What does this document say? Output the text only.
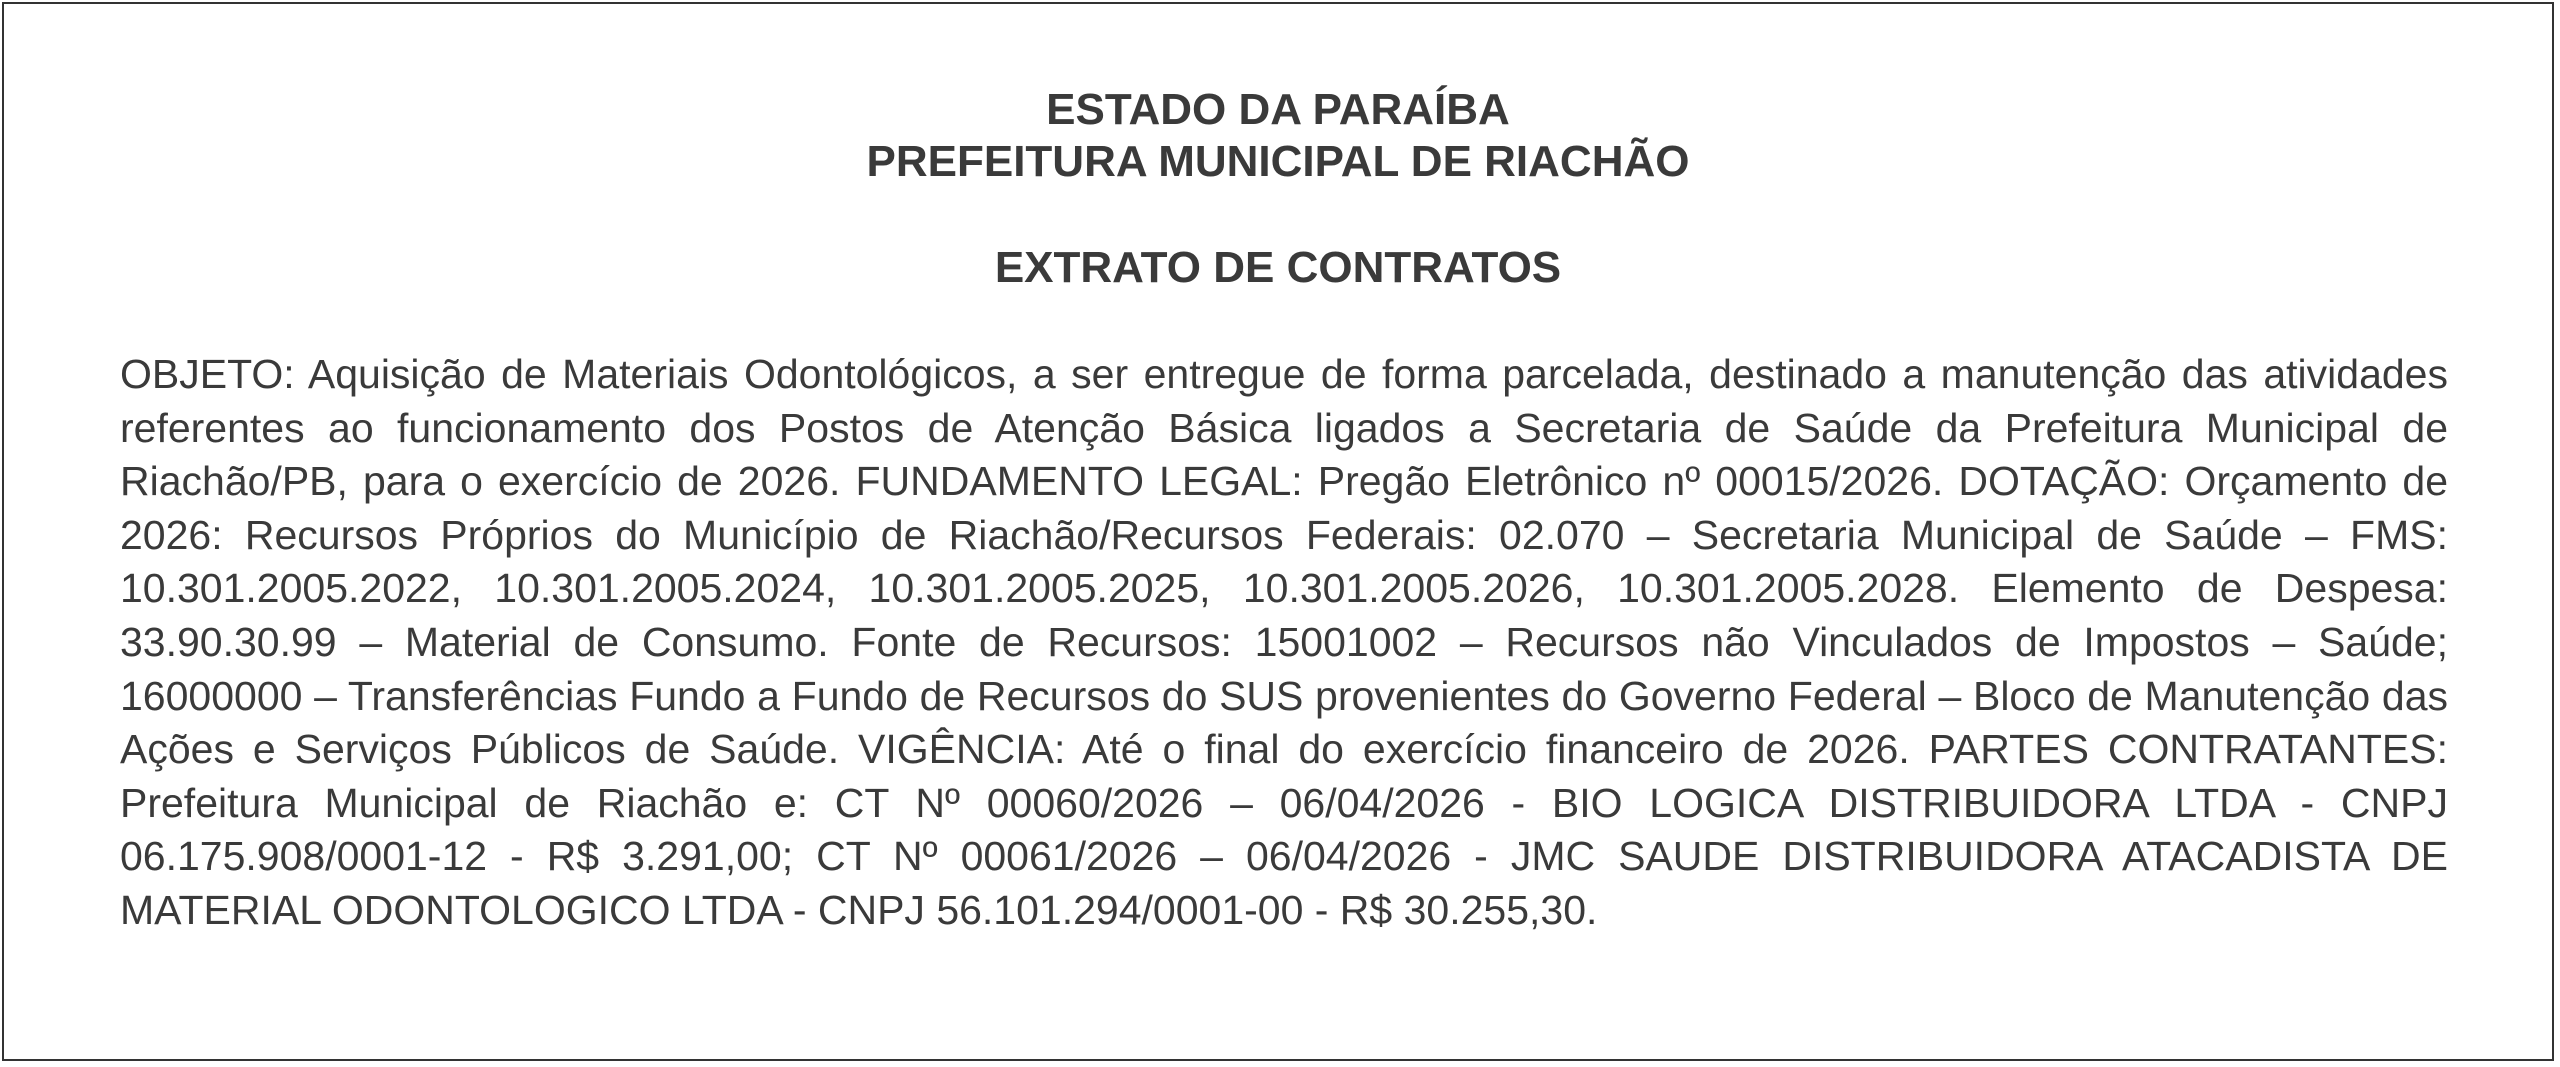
ESTADO DA PARAÍBA
PREFEITURA MUNICIPAL DE RIACHÃO
EXTRATO DE CONTRATOS

OBJETO: Aquisição de Materiais Odontológicos, a ser entregue de forma parcelada, destinado a manutenção das atividades referentes ao funcionamento dos Postos de Atenção Básica ligados a Secretaria de Saúde da Prefeitura Municipal de Riachão/PB, para o exercício de 2026. FUNDAMENTO LEGAL: Pregão Eletrônico nº 00015/2026. DOTAÇÃO: Orçamento de 2026: Recursos Próprios do Município de Riachão/Recursos Federais: 02.070 – Secretaria Municipal de Saúde – FMS: 10.301.2005.2022, 10.301.2005.2024, 10.301.2005.2025, 10.301.2005.2026, 10.301.2005.2028. Elemento de Despesa: 33.90.30.99 – Material de Consumo. Fonte de Recursos: 15001002 – Recursos não Vinculados de Impostos – Saúde; 16000000 – Transferências Fundo a Fundo de Recursos do SUS provenientes do Governo Federal – Bloco de Manutenção das Ações e Serviços Públicos de Saúde. VIGÊNCIA: Até o final do exercício financeiro de 2026. PARTES CONTRATANTES: Prefeitura Municipal de Riachão e: CT Nº 00060/2026 – 06/04/2026 - BIO LOGICA DISTRIBUIDORA LTDA - CNPJ 06.175.908/0001-12 - R$ 3.291,00; CT Nº 00061/2026 – 06/04/2026 - JMC SAUDE DISTRIBUIDORA ATACADISTA DE MATERIAL ODONTOLOGICO LTDA - CNPJ 56.101.294/0001-00 - R$ 30.255,30.
